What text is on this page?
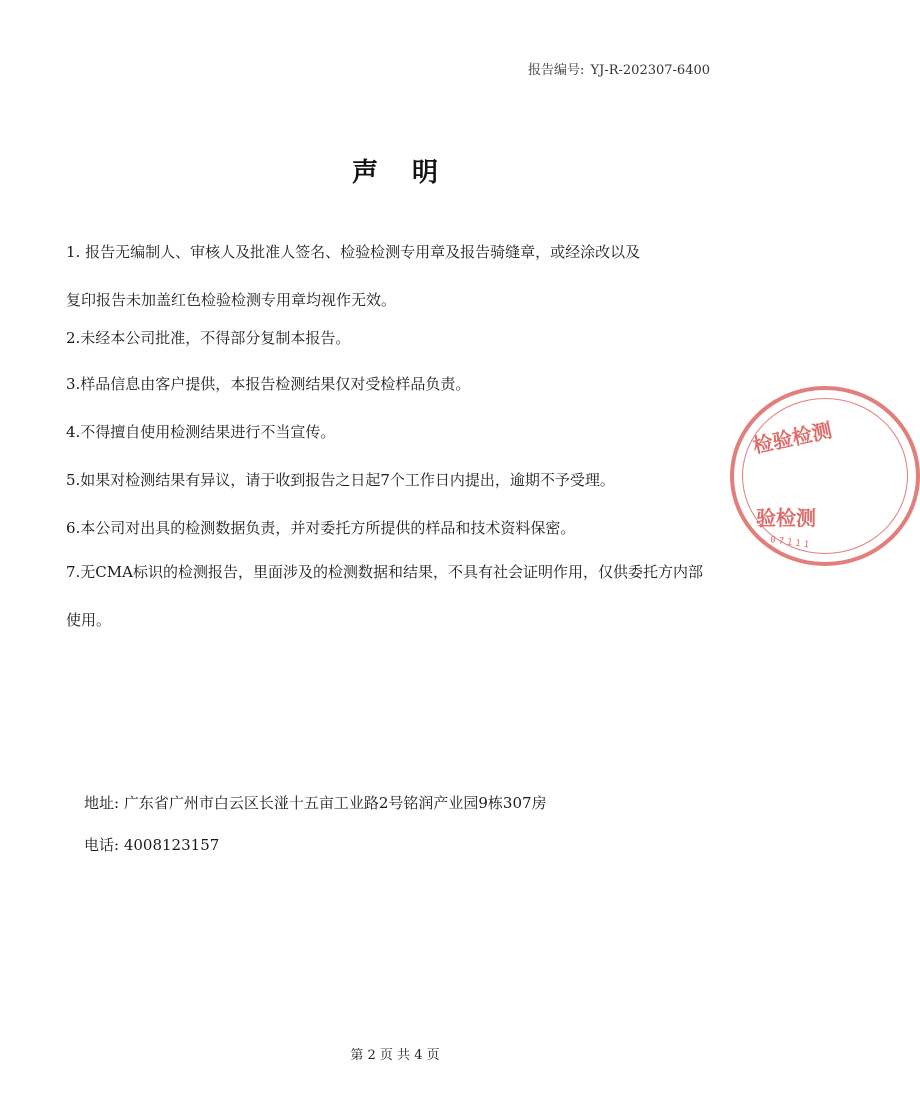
报告编号: YJ-R-202307-6400
声明

1. 报告无编制人、审核人及批准人签名、检验检测专用章及报告骑缝章，或经涂改以及
复印报告未加盖红色检验检测专用章均视作无效。

2.未经本公司批准，不得部分复制本报告。

3.样品信息由客户提供，本报告检测结果仅对受检样品负责。

4.不得擅自使用检测结果进行不当宣传。

5.如果对检测结果有异议，请于收到报告之日起7个工作日内提出，逾期不予受理。

6.本公司对出具的检测数据负责，并对委托方所提供的样品和技术资料保密。

7.无CMA标识的检测报告，里面涉及的检测数据和结果，不具有社会证明作用，仅供委托方内部
使用。

地址: 广东省广州市白云区长湴十五亩工业路2号铭润产业园9栋307房
电话: 4008123157
第 2 页 共 4 页
检验检测
验检测
07111
